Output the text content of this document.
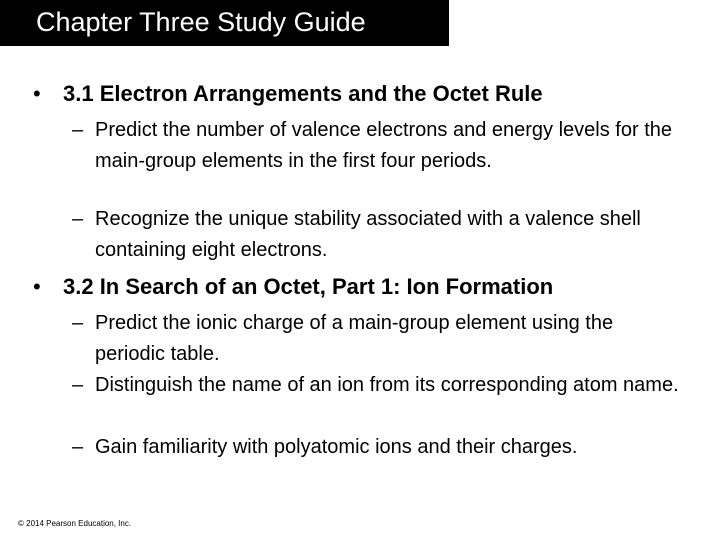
Chapter Three Study Guide
• 3.1 Electron Arrangements and the Octet Rule
– Predict the number of valence electrons and energy levels for the main-group elements in the first four periods.
– Recognize the unique stability associated with a valence shell containing eight electrons.
• 3.2 In Search of an Octet, Part 1: Ion Formation
– Predict the ionic charge of a main-group element using the periodic table.
– Distinguish the name of an ion from its corresponding atom name.
– Gain familiarity with polyatomic ions and their charges.
© 2014 Pearson Education, Inc.
